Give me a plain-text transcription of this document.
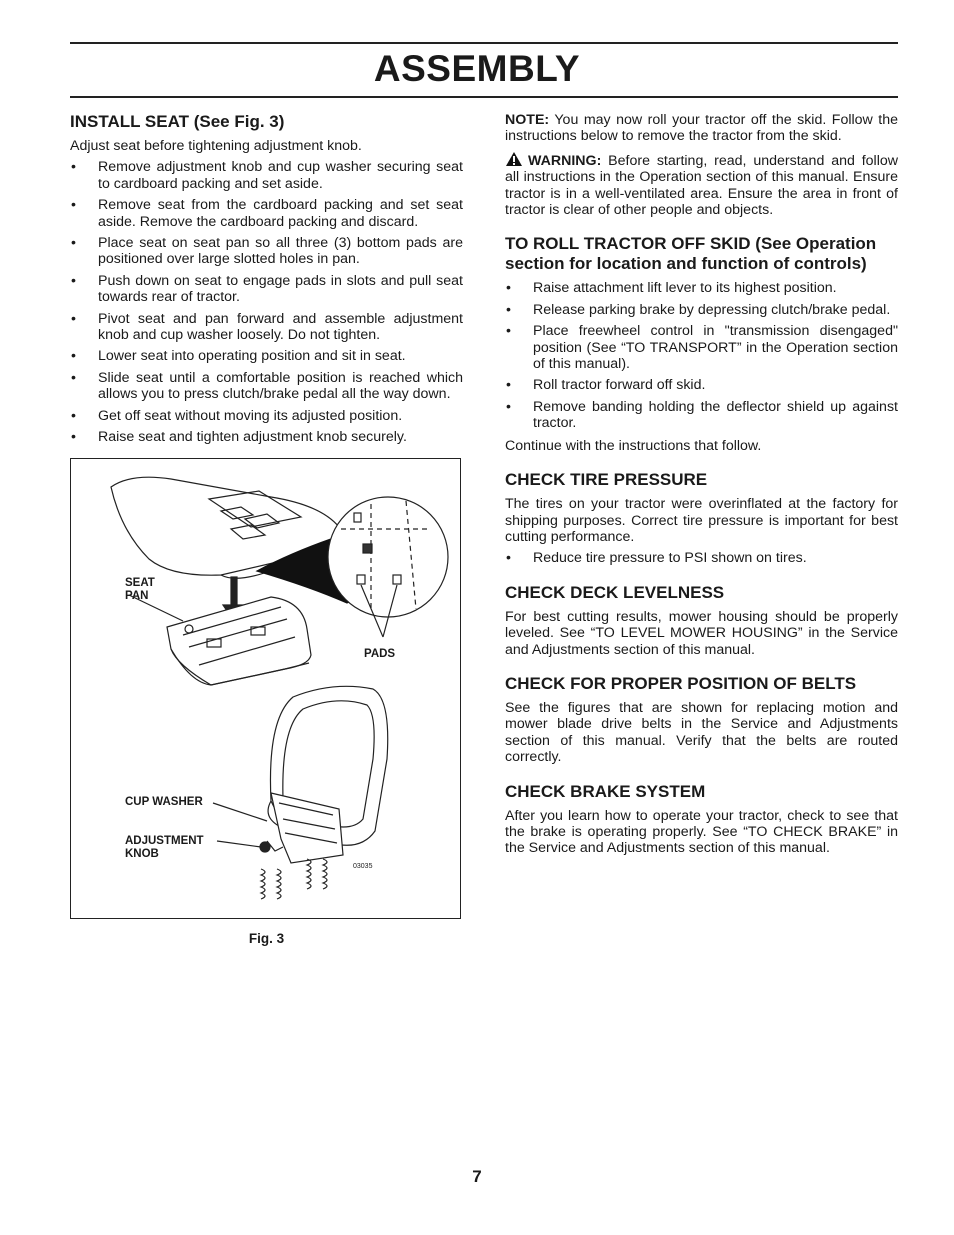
ASSEMBLY
INSTALL SEAT (See Fig. 3)

Adjust seat before tightening adjustment knob.

• Remove adjustment knob and cup washer securing seat to cardboard packing and set aside.
• Remove seat from the cardboard packing and set seat aside. Remove the cardboard packing and discard.
• Place seat on seat pan so all three (3) bottom pads are positioned over large slotted holes in pan.
• Push down on seat to engage pads in slots and pull seat towards rear of tractor.
• Pivot seat and pan forward and assemble adjustment knob and cup washer loosely. Do not tighten.
• Lower seat into operating position and sit in seat.
• Slide seat until a comfortable position is reached which allows you to press clutch/brake pedal all the way down.
• Get off seat without moving its adjusted position.
• Raise seat and tighten adjustment knob securely.
SEAT
PAN
PADS
CUP WASHER
ADJUSTMENT
KNOB
03035
Fig. 3

NOTE: You may now roll your tractor off the skid. Follow the instructions below to remove the tractor from the skid.

WARNING: Before starting, read, understand and follow all instructions in the Operation section of this manual. Ensure tractor is in a well-ventilated area. Ensure the area in front of tractor is clear of other people and objects.

TO ROLL TRACTOR OFF SKID (See Operation section for location and function of controls)
• Raise attachment lift lever to its highest position.
• Release parking brake by depressing clutch/brake pedal.
• Place freewheel control in "transmission disengaged" position (See “TO TRANSPORT” in the Operation section of this manual).
• Roll tractor forward off skid.
• Remove banding holding the deflector shield up against tractor.

Continue with the instructions that follow.

CHECK TIRE PRESSURE

The tires on your tractor were overinflated at the factory for shipping purposes. Correct tire pressure is important for best cutting performance.

• Reduce tire pressure to PSI shown on tires.
CHECK DECK LEVELNESS

For best cutting results, mower housing should be properly leveled. See “TO LEVEL MOWER HOUSING” in the Service and Adjustments section of this manual.

CHECK FOR PROPER POSITION OF BELTS

See the figures that are shown for replacing motion and mower blade drive belts in the Service and Adjustments section of this manual. Verify that the belts are routed correctly.

CHECK BRAKE SYSTEM

After you learn how to operate your tractor, check to see that the brake is operating properly. See “TO CHECK BRAKE” in the Service and Adjustments section of this manual.

7
